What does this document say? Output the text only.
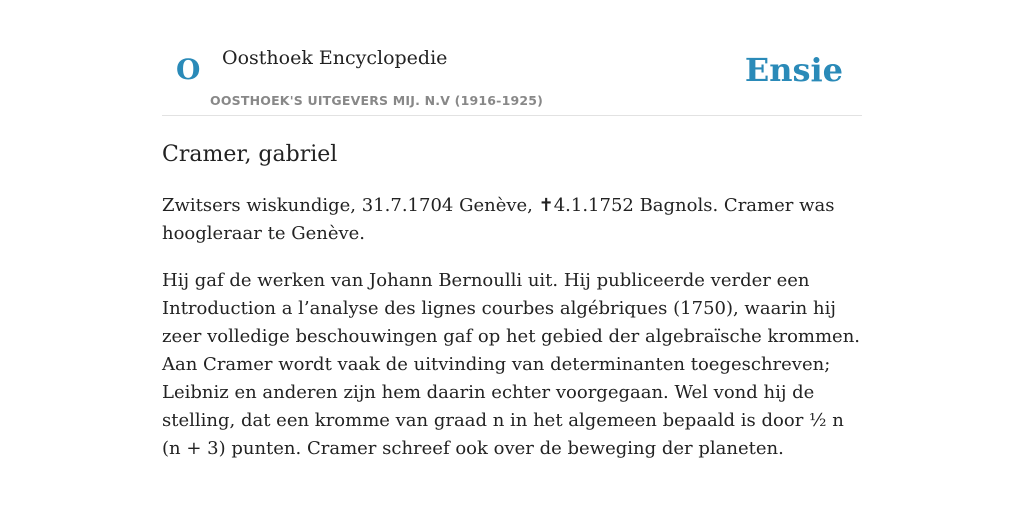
O Oosthoek Encyclopedie
OOSTHOEK'S UITGEVERS MIJ. N.V (1916-1925)
Ensie
Cramer, gabriel

Zwitsers wiskundige, 31.7.1704 Genève, ✝4.1.1752 Bagnols. Cramer was hoogleraar te Genève.

Hij gaf de werken van Johann Bernoulli uit. Hij publiceerde verder een Introduction a l’analyse des lignes courbes algébriques (1750), waarin hij zeer volledige beschouwingen gaf op het gebied der algebraïsche krommen. Aan Cramer wordt vaak de uitvinding van determinanten toegeschreven; Leibniz en anderen zijn hem daarin echter voorgegaan. Wel vond hij de stelling, dat een kromme van graad n in het algemeen bepaald is door ½ n (n + 3) punten. Cramer schreef ook over de beweging der planeten.
